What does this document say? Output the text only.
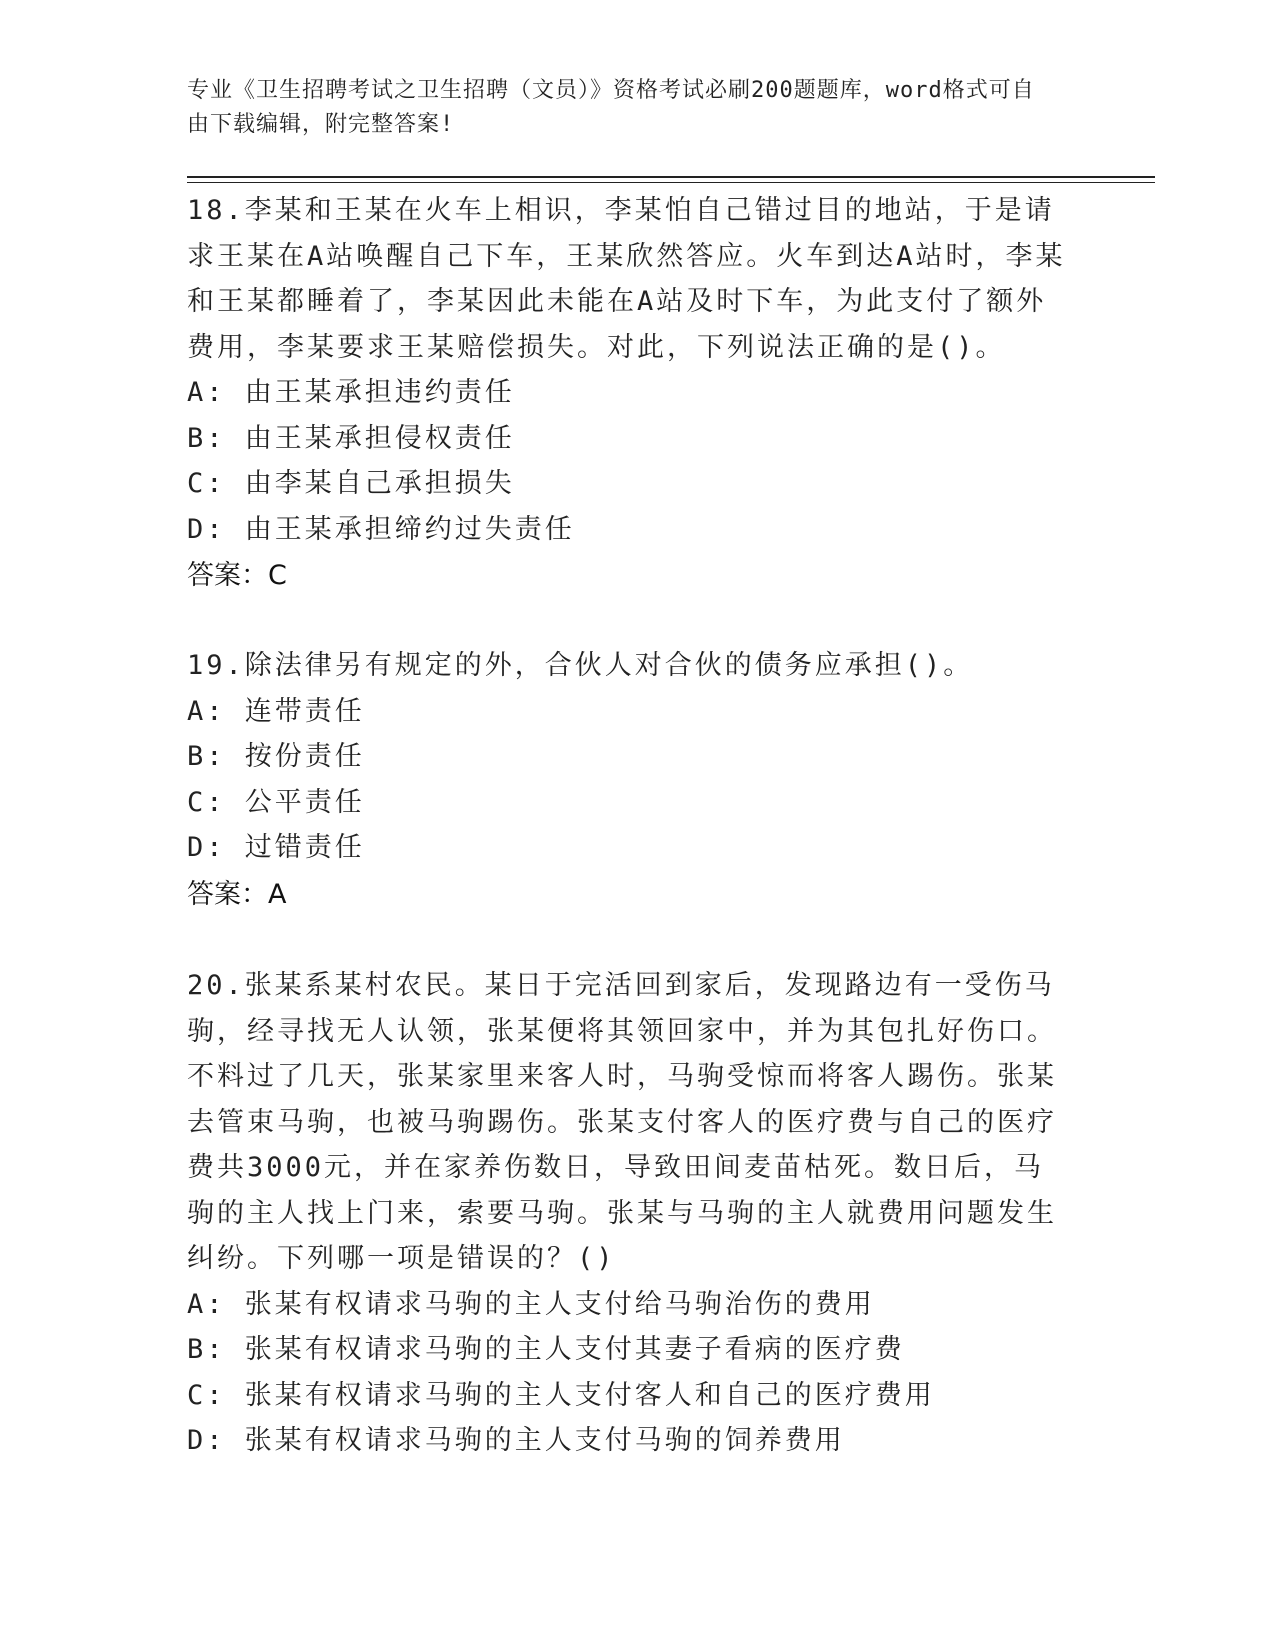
专业《卫生招聘考试之卫生招聘（文员）》资格考试必刷200题题库，word格式可自由下载编辑，附完整答案!
18.李某和王某在火车上相识，李某怕自己错过目的地站，于是请求王某在A站唤醒自己下车，王某欣然答应。火车到达A站时，李某和王某都睡着了，李某因此未能在A站及时下车，为此支付了额外费用，李某要求王某赔偿损失。对此，下列说法正确的是()。
A: 由王某承担违约责任
B: 由王某承担侵权责任
C: 由李某自己承担损失
D: 由王某承担缔约过失责任
答案：C
19.除法律另有规定的外，合伙人对合伙的债务应承担()。
A: 连带责任
B: 按份责任
C: 公平责任
D: 过错责任
答案：A
20.张某系某村农民。某日于完活回到家后，发现路边有一受伤马驹，经寻找无人认领，张某便将其领回家中，并为其包扎好伤口。不料过了几天，张某家里来客人时，马驹受惊而将客人踢伤。张某去管束马驹，也被马驹踢伤。张某支付客人的医疗费与自己的医疗费共3000元，并在家养伤数日，导致田间麦苗枯死。数日后，马驹的主人找上门来，索要马驹。张某与马驹的主人就费用问题发生纠纷。下列哪一项是错误的？()
A: 张某有权请求马驹的主人支付给马驹治伤的费用
B: 张某有权请求马驹的主人支付其妻子看病的医疗费
C: 张某有权请求马驹的主人支付客人和自己的医疗费用
D: 张某有权请求马驹的主人支付马驹的饲养费用
